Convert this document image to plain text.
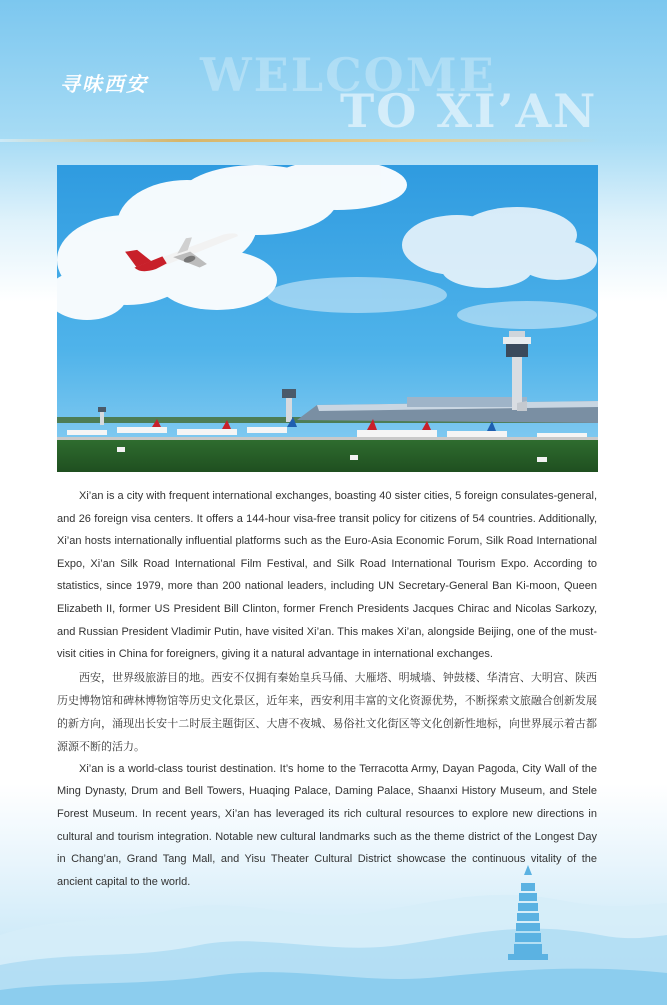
寻味西安 WELCOME
TO XI’AN

Xi’an is a city with frequent international exchanges, boasting 40 sister cities, 5 foreign consulates-general, and 26 foreign visa centers. It offers a 144-hour visa-free transit policy for citizens of 54 countries. Additionally, Xi’an hosts internationally influential platforms such as the Euro-Asia Economic Forum, Silk Road International Expo, Xi’an Silk Road International Film Festival, and Silk Road International Tourism Expo. According to statistics, since 1979, more than 200 national leaders, including UN Secretary-General Ban Ki-moon, Queen Elizabeth II, former US President Bill Clinton, former French Presidents Jacques Chirac and Nicolas Sarkozy, and Russian President Vladimir Putin, have visited Xi’an. This makes Xi’an, alongside Beijing, one of the must-visit cities in China for foreigners, giving it a natural advantage in international exchanges.

西安，世界级旅游目的地。西安不仅拥有秦始皇兵马俑、大雁塔、明城墙、钟鼓楼、华清宫、大明宫、陕西历史博物馆和碑林博物馆等历史文化景区，近年来，西安利用丰富的文化资源优势，不断探索文旅融合创新发展的新方向，涌现出长安十二时辰主题街区、大唐不夜城、易俗社文化街区等文化创新性地标，向世界展示着古都源源不断的活力。

Xi’an is a world-class tourist destination. It’s home to the Terracotta Army, Dayan Pagoda, City Wall of the Ming Dynasty, Drum and Bell Towers, Huaqing Palace, Daming Palace, Shaanxi History Museum, and Stele Forest Museum. In recent years, Xi’an has leveraged its rich cultural resources to explore new directions in cultural and tourism integration. Notable new cultural landmarks such as the theme district of the Longest Day in Chang’an, Grand Tang Mall, and Yisu Theater Cultural District showcase the continuous vitality of the ancient capital to the world.
